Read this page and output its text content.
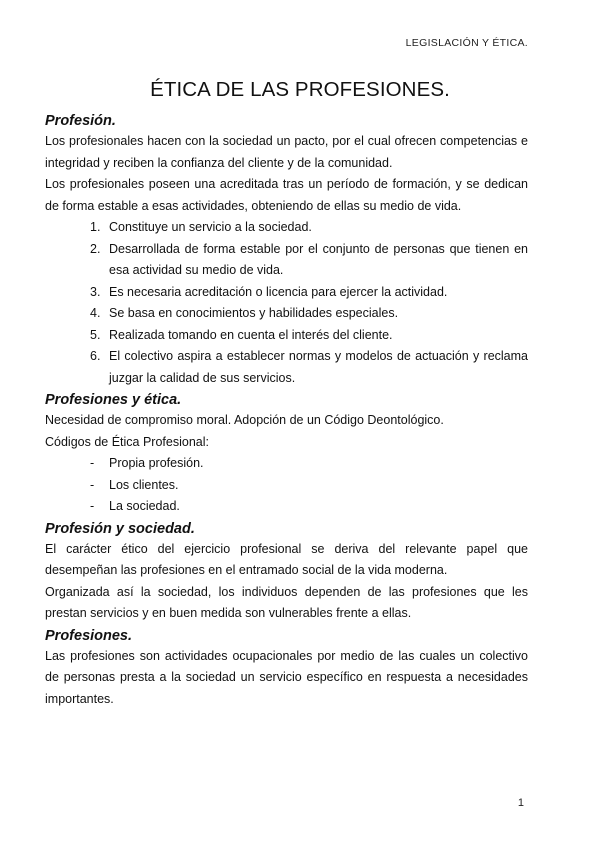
LEGISLACIÓN Y ÉTICA.
ÉTICA DE LAS PROFESIONES.
Profesión.

Los profesionales hacen con la sociedad un pacto, por el cual ofrecen competencias e integridad y reciben la confianza del cliente y de la comunidad.

Los profesionales poseen una acreditada tras un período de formación, y se dedican de forma estable a esas actividades, obteniendo de ellas su medio de vida.

1. Constituye un servicio a la sociedad.
2. Desarrollada de forma estable por el conjunto de personas que tienen en esa actividad su medio de vida.
3. Es necesaria acreditación o licencia para ejercer la actividad.
4. Se basa en conocimientos y habilidades especiales.
5. Realizada tomando en cuenta el interés del cliente.
6. El colectivo aspira a establecer normas y modelos de actuación y reclama juzgar la calidad de sus servicios.
Profesiones y ética.

Necesidad de compromiso moral. Adopción de un Código Deontológico.

Códigos de Ética Profesional:

- Propia profesión.
- Los clientes.
- La sociedad.
Profesión y sociedad.

El carácter ético del ejercicio profesional se deriva del relevante papel que desempeñan las profesiones en el entramado social de la vida moderna.

Organizada así la sociedad, los individuos dependen de las profesiones que les prestan servicios y en buen medida son vulnerables frente a ellas.

Profesiones.

Las profesiones son actividades ocupacionales por medio de las cuales un colectivo de personas presta a la sociedad un servicio específico en respuesta a necesidades importantes.

1
